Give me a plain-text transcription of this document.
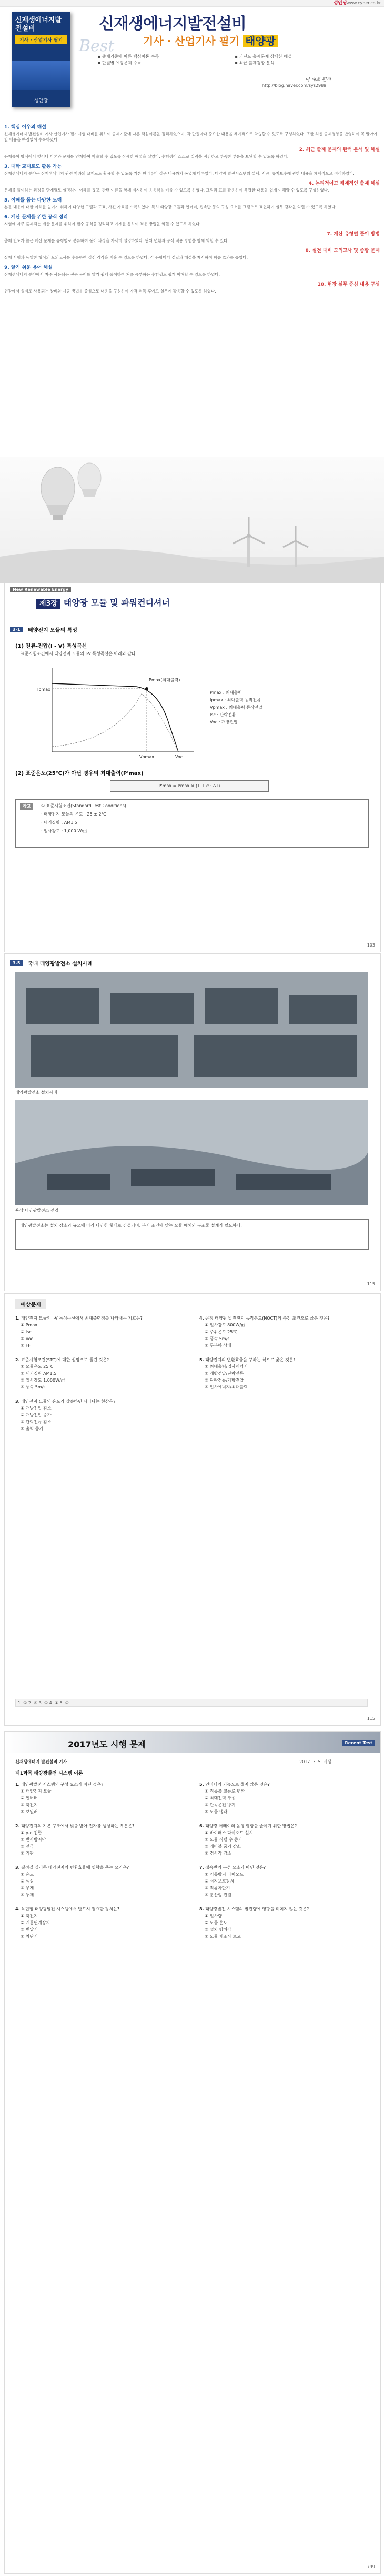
성안당
www.cyber.co.kr
신재생에너지발전설비
기사 · 산업기사 필기
성안당
Best
신재생에너지발전설비
기사 · 산업기사 필기 태양광
▪ 출제기준에 따른 핵심이론 수록	▪ 과년도 출제문제 상세한 해설 ▪ 단원별 예상문제 수록	▪ 최근 출제경향 분석
여 태호 편저
http://blog.naver.com/sys2989
1. 핵심 이우의 해설
신재생에너지 발전설비 기사 산업기사 필기시험 대비를 위하여 출제기준에 따른 핵심이론을 정리하였으며, 각 단원마다 중요한 내용을 체계적으로 학습할 수 있도록 구성하였다. 또한 최신 출제경향을 반영하여 꼭 알아야 할 내용을 빠짐없이 수록하였다.
2. 최근 출제 문제의 완벽 분석 및 해설
문제풀이 방식에서 벗어나 이론과 문제를 연계하여 학습할 수 있도록 상세한 해설을 실었다. 수험생이 스스로 실력을 점검하고 부족한 부분을 보완할 수 있도록 하였다.
3. 대학 교재로도 활용 가능
신재생에너지 분야는 신재생에너지 관련 학과의 교재로도 활용할 수 있도록 기본 원리부터 실무 내용까지 폭넓게 다루었다. 태양광 발전시스템의 설계, 시공, 유지보수에 관한 내용을 체계적으로 정리하였다.
4. 논리적이고 체계적인 출제 해설
문제를 풀이하는 과정을 단계별로 설명하여 이해를 돕고, 관련 이론을 함께 제시하여 응용력을 키울 수 있도록 하였다. 그림과 표를 활용하여 복잡한 내용을 쉽게 이해할 수 있도록 구성하였다.
5. 이해를 돕는 다양한 도해
본문 내용에 대한 이해를 높이기 위하여 다양한 그림과 도표, 사진 자료를 수록하였다. 특히 태양광 모듈과 인버터, 접속반 등의 구성 요소를 그림으로 표현하여 실무 감각을 익힐 수 있도록 하였다.
6. 계산 문제를 위한 공식 정리
시험에 자주 출제되는 계산 문제를 위하여 필수 공식을 정리하고 예제를 통하여 적용 방법을 익힐 수 있도록 하였다.
7. 계산 유형별 풀이 방법
출제 빈도가 높은 계산 문제를 유형별로 분류하여 풀이 과정을 자세히 설명하였다. 단위 변환과 공식 적용 방법을 함께 익힐 수 있다.
8. 실전 대비 모의고사 및 종합 문제
실제 시험과 동일한 형식의 모의고사를 수록하여 실전 감각을 키울 수 있도록 하였다. 각 문항마다 정답과 해설을 제시하여 학습 효과를 높였다.
9. 알기 쉬운 용어 해설
신재생에너지 분야에서 자주 사용되는 전문 용어를 알기 쉽게 풀이하여 처음 공부하는 수험생도 쉽게 이해할 수 있도록 하였다.
10. 현장 실무 중심 내용 구성
현장에서 실제로 사용되는 장비와 시공 방법을 중심으로 내용을 구성하여 자격 취득 후에도 실무에 활용할 수 있도록 하였다.
New Renewable Energy
제3장 태양광 모듈 및 파워컨디셔너
3-1	태양전지 모듈의 특성
(1) 전류-전압(I - V) 특성곡선
표준시험조건에서 태양전지 모듈의 I-V 특성곡선은 아래와 같다.
Pmax(최대출력)
Ipmax
Vpmax	Voc
Pmax : 최대출력
Ipmax : 최대출력 동작전류
Vpmax : 최대출력 동작전압
Isc : 단락전류
Voc : 개방전압
(2) 표준온도(25℃)가 아닌 경우의 최대출력(P'max)
P'max = Pmax × (1 + α · ΔT)
참고	① 표준시험조건(Standard Test Conditions)
· 태양전지 모듈의 온도 : 25 ± 2℃
· 대기질량 : AM1.5
· 일사강도 : 1,000 W/㎡
103
3-5	국내 태양광발전소 설치사례
태양광발전소 설치사례
육상 태양광발전소 전경
태양광발전소는 설치 장소와 규모에 따라 다양한 형태로 건설되며, 부지 조건에 맞는 모듈 배치와 구조물 설계가 필요하다.
115
예상문제
1. 태양전지 모듈의 I-V 특성곡선에서 최대출력점을 나타내는 기호는?
① Pmax
② Isc
③ Voc
④ FF
2. 표준시험조건(STC)에 대한 설명으로 틀린 것은?
① 모듈온도 25℃
② 대기질량 AM1.5
③ 일사강도 1,000W/㎡
④ 풍속 5m/s
3. 태양전지 모듈의 온도가 상승하면 나타나는 현상은?
① 개방전압 감소
② 개방전압 증가
③ 단락전류 감소
④ 출력 증가
4. 공칭 태양광 발전전지 동작온도(NOCT)의 측정 조건으로 옳은 것은?
① 일사강도 800W/㎡
② 주위온도 25℃
③ 풍속 5m/s
④ 무부하 상태
5. 태양전지의 변환효율을 구하는 식으로 옳은 것은?
① 최대출력/입사에너지
② 개방전압/단락전류
③ 단락전류/개방전압
④ 입사에너지/최대출력
1. ① 2. ④ 3. ① 4. ① 5. ①
115
2017년도 시행 문제	Recent Test
신재생에너지 발전설비 기사	2017. 3. 5. 시행
제1과목 태양광발전 시스템 이론
1. 태양광발전 시스템의 구성 요소가 아닌 것은?
① 태양전지 모듈
② 인버터
③ 축전지
④ 보일러
2. 태양전지의 기본 구조에서 빛을 받아 전자를 생성하는 부분은?
① p-n 접합
② 반사방지막
③ 전극
④ 기판
3. 결정질 실리콘 태양전지의 변환효율에 영향을 주는 요인은?
① 온도
② 색상
③ 무게
④ 두께
4. 독립형 태양광발전 시스템에서 반드시 필요한 장치는?
① 축전지
② 계통연계장치
③ 변압기
④ 차단기
5. 인버터의 기능으로 옳지 않은 것은?
① 직류를 교류로 변환
② 최대전력 추종
③ 단독운전 방지
④ 모듈 냉각
6. 태양광 어레이의 음영 영향을 줄이기 위한 방법은?
① 바이패스 다이오드 설치
② 모듈 직렬 수 증가
③ 케이블 굵기 감소
④ 경사각 감소
7. 접속반의 구성 요소가 아닌 것은?
① 역류방지 다이오드
② 서지보호장치
③ 직류차단기
④ 분산형 전원
8. 태양광발전 시스템의 발전량에 영향을 미치지 않는 것은?
① 일사량
② 모듈 온도
③ 설치 방위각
④ 모듈 제조사 로고
799
